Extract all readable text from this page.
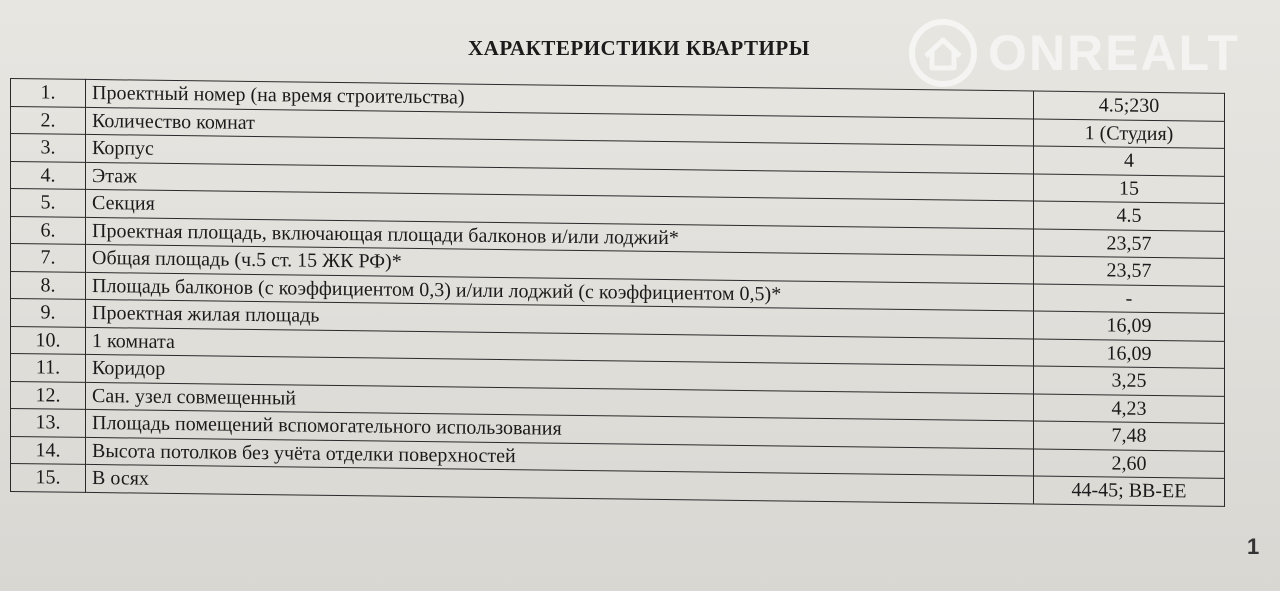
ONREALT
ХАРАКТЕРИСТИКИ КВАРТИРЫ
1.	Проектный номер (на время строительства)	4.5;230
2.	Количество комнат	1 (Студия)
3.	Корпус	4
4.	Этаж	15
5.	Секция	4.5
6.	Проектная площадь, включающая площади балконов и/или лоджий*	23,57
7.	Общая площадь (ч.5 ст. 15 ЖК РФ)*	23,57
8.	Площадь балконов (с коэффициентом 0,3) и/или лоджий (с коэффициентом 0,5)*	-
9.	Проектная жилая площадь	16,09
10.	1 комната	16,09
11.	Коридор	3,25
12.	Сан. узел совмещенный	4,23
13.	Площадь помещений вспомогательного использования	7,48
14.	Высота потолков без учёта отделки поверхностей	2,60
15.	В осях	44-45; ВВ-ЕЕ
1
